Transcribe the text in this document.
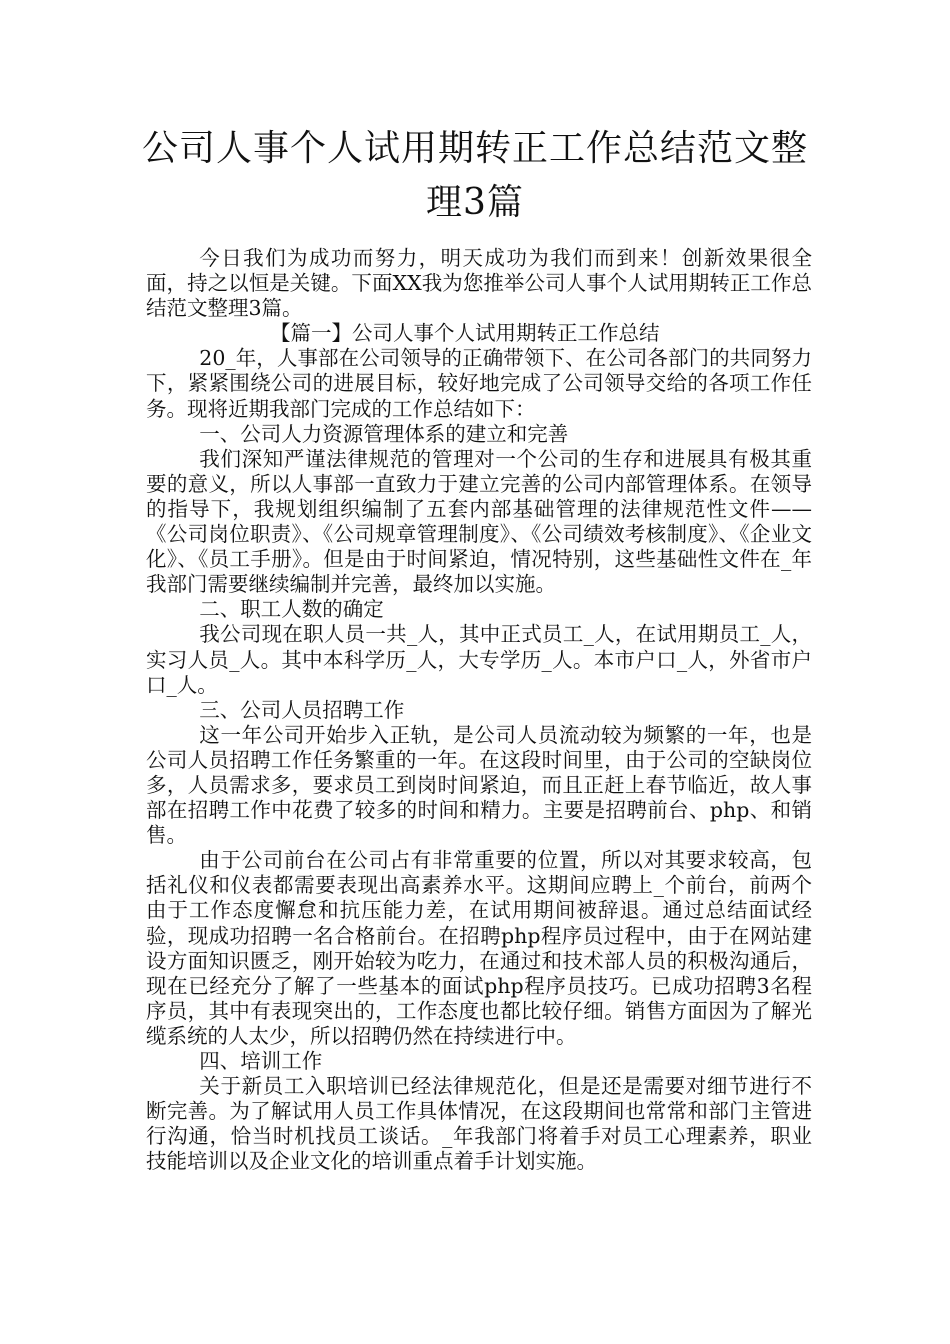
公司人事个人试用期转正工作总结范文整
理3篇

今日我们为成功而努力，明天成功为我们而到来！创新效果很全面，持之以恒是关键。下面XX我为您推举公司人事个人试用期转正工作总结范文整理3篇。

【篇一】公司人事个人试用期转正工作总结

20_年，人事部在公司领导的正确带领下、在公司各部门的共同努力下，紧紧围绕公司的进展目标，较好地完成了公司领导交给的各项工作任务。现将近期我部门完成的工作总结如下：

一、公司人力资源管理体系的建立和完善

我们深知严谨法律规范的管理对一个公司的生存和进展具有极其重要的意义，所以人事部一直致力于建立完善的公司内部管理体系。在领导的指导下，我规划组织编制了五套内部基础管理的法律规范性文件——《公司岗位职责》、《公司规章管理制度》、《公司绩效考核制度》、《企业文化》、《员工手册》。但是由于时间紧迫，情况特别，这些基础性文件在_年我部门需要继续编制并完善，最终加以实施。

二、职工人数的确定

我公司现在职人员一共_人，其中正式员工_人，在试用期员工_人，实习人员_人。其中本科学历_人，大专学历_人。本市户口_人，外省市户口_人。

三、公司人员招聘工作

这一年公司开始步入正轨，是公司人员流动较为频繁的一年，也是公司人员招聘工作任务繁重的一年。在这段时间里，由于公司的空缺岗位多，人员需求多，要求员工到岗时间紧迫，而且正赶上春节临近，故人事部在招聘工作中花费了较多的时间和精力。主要是招聘前台、php、和销售。

由于公司前台在公司占有非常重要的位置，所以对其要求较高，包括礼仪和仪表都需要表现出高素养水平。这期间应聘上_个前台，前两个由于工作态度懈怠和抗压能力差，在试用期间被辞退。通过总结面试经验，现成功招聘一名合格前台。在招聘php程序员过程中，由于在网站建设方面知识匮乏，刚开始较为吃力，在通过和技术部人员的积极沟通后，现在已经充分了解了一些基本的面试php程序员技巧。已成功招聘3名程序员，其中有表现突出的，工作态度也都比较仔细。销售方面因为了解光缆系统的人太少，所以招聘仍然在持续进行中。

四、培训工作

关于新员工入职培训已经法律规范化，但是还是需要对细节进行不断完善。为了解试用人员工作具体情况，在这段期间也常常和部门主管进行沟通，恰当时机找员工谈话。_年我部门将着手对员工心理素养，职业技能培训以及企业文化的培训重点着手计划实施。
